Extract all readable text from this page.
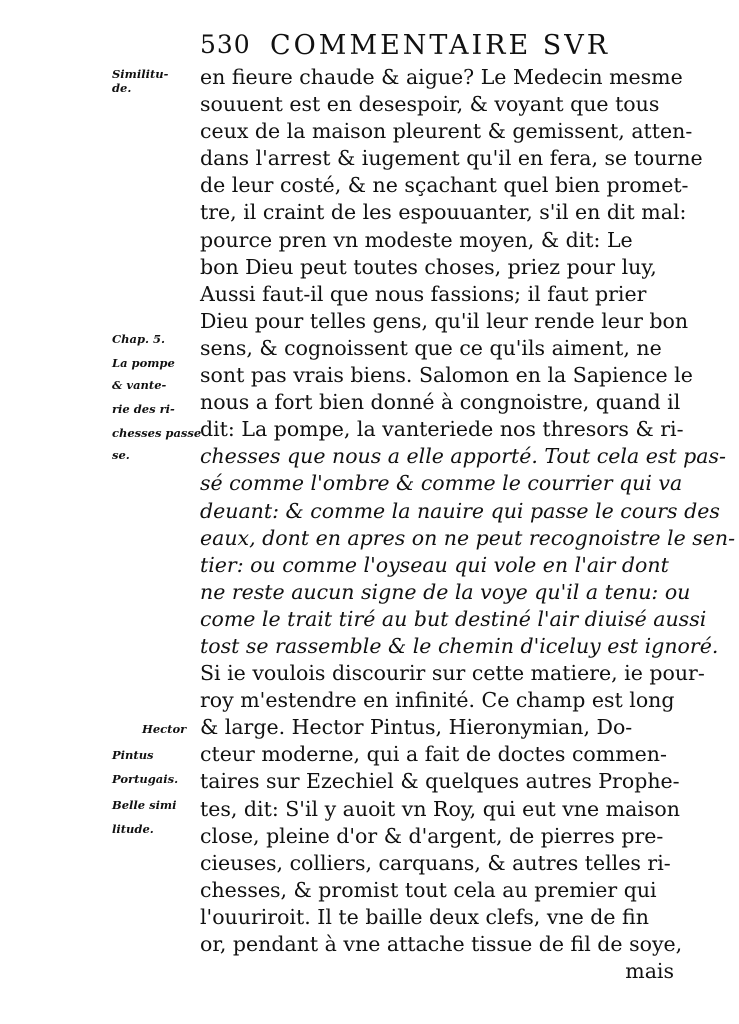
530 COMMENTAIRE SVR
en fieure chaude & aigue? Le Medecin mesme
souuent est en desespoir, & voyant que tous
ceux de la maison pleurent & gemissent, atten-
dans l'arrest & iugement qu'il en fera, se tourne
de leur costé, & ne sçachant quel bien promet-
tre, il craint de les espouuanter, s'il en dit mal:
pource pren vn modeste moyen, & dit: Le
bon Dieu peut toutes choses, priez pour luy,
Aussi faut-il que nous fassions; il faut prier
Dieu pour telles gens, qu'il leur rende leur bon
sens, & cognoissent que ce qu'ils aiment, ne
sont pas vrais biens. Salomon en la Sapience le
nous a fort bien donné à congnoistre, quand il
dit: La pompe, la vanteriede nos thresors & ri-
chesses que nous a elle apporté. Tout cela est pas-
sé comme l'ombre & comme le courrier qui va
deuant: & comme la nauire qui passe le cours des
eaux, dont en apres on ne peut recognoistre le sen-
tier: ou comme l'oyseau qui vole en l'air dont
ne reste aucun signe de la voye qu'il a tenu: ou
come le trait tiré au but destiné l'air diuisé aussi
tost se rassemble & le chemin d'iceluy est ignoré.
Si ie voulois discourir sur cette matiere, ie pour-
roy m'estendre en infinité. Ce champ est long
& large. Hector Pintus, Hieronymian, Do-
cteur moderne, qui a fait de doctes commen-
taires sur Ezechiel & quelques autres Prophe-
tes, dit: S'il y auoit vn Roy, qui eut vne maison
close, pleine d'or & d'argent, de pierres pre-
cieuses, colliers, carquans, & autres telles ri-
chesses, & promist tout cela au premier qui
l'ouuriroit. Il te baille deux clefs, vne de fin
or, pendant à vne attache tissue de fil de soye,
mais
Similitu-
de.
Chap. 5.
La pompe
& vante-
rie des ri-
chesses passe
se.
Hector
Pintus
Portugais.
Belle simi
litude.
